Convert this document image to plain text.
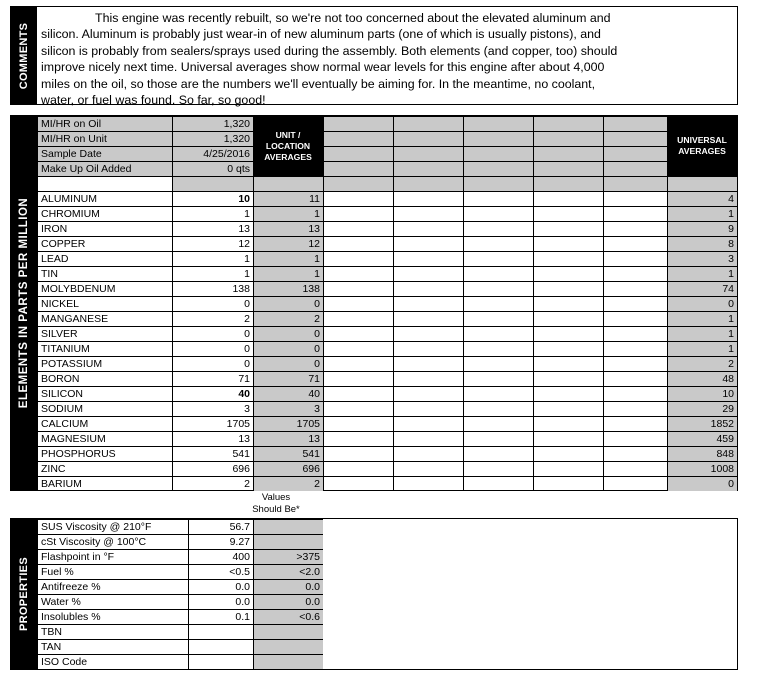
COMMENTS
This engine was recently rebuilt, so we're not too concerned about the elevated aluminum and
silicon. Aluminum is probably just wear-in of new aluminum parts (one of which is usually pistons), and
silicon is probably from sealers/sprays used during the assembly. Both elements (and copper, too) should
improve nicely next time. Universal averages show normal wear levels for this engine after about 4,000
miles on the oil, so those are the numbers we'll eventually be aiming for. In the meantime, no coolant,
water, or fuel was found. So far, so good!
ELEMENTS IN PARTS PER MILLION
MI/HR on Oil	1,320
MI/HR on Unit	1,320
Sample Date	4/25/2016
Make Up Oil Added	0 qts
UNIT /
LOCATION
AVERAGES
UNIVERSAL
AVERAGES
ALUMINUM	10	11	4
CHROMIUM	1	1	1
IRON	13	13	9
COPPER	12	12	8
LEAD	1	1	3
TIN	1	1	1
MOLYBDENUM	138	138	74
NICKEL	0	0	0
MANGANESE	2	2	1
SILVER	0	0	1
TITANIUM	0	0	1
POTASSIUM	0	0	2
BORON	71	71	48
SILICON	40	40	10
SODIUM	3	3	29
CALCIUM	1705	1705	1852
MAGNESIUM	13	13	459
PHOSPHORUS	541	541	848
ZINC	696	696	1008
BARIUM	2	2	0
Values
Should Be*
PROPERTIES
SUS Viscosity @ 210°F	56.7
cSt Viscosity @ 100°C	9.27
Flashpoint in °F	400	>375
Fuel %	<0.5	<2.0
Antifreeze %	0.0	0.0
Water %	0.0	0.0
Insolubles %	0.1	<0.6
TBN
TAN
ISO Code
